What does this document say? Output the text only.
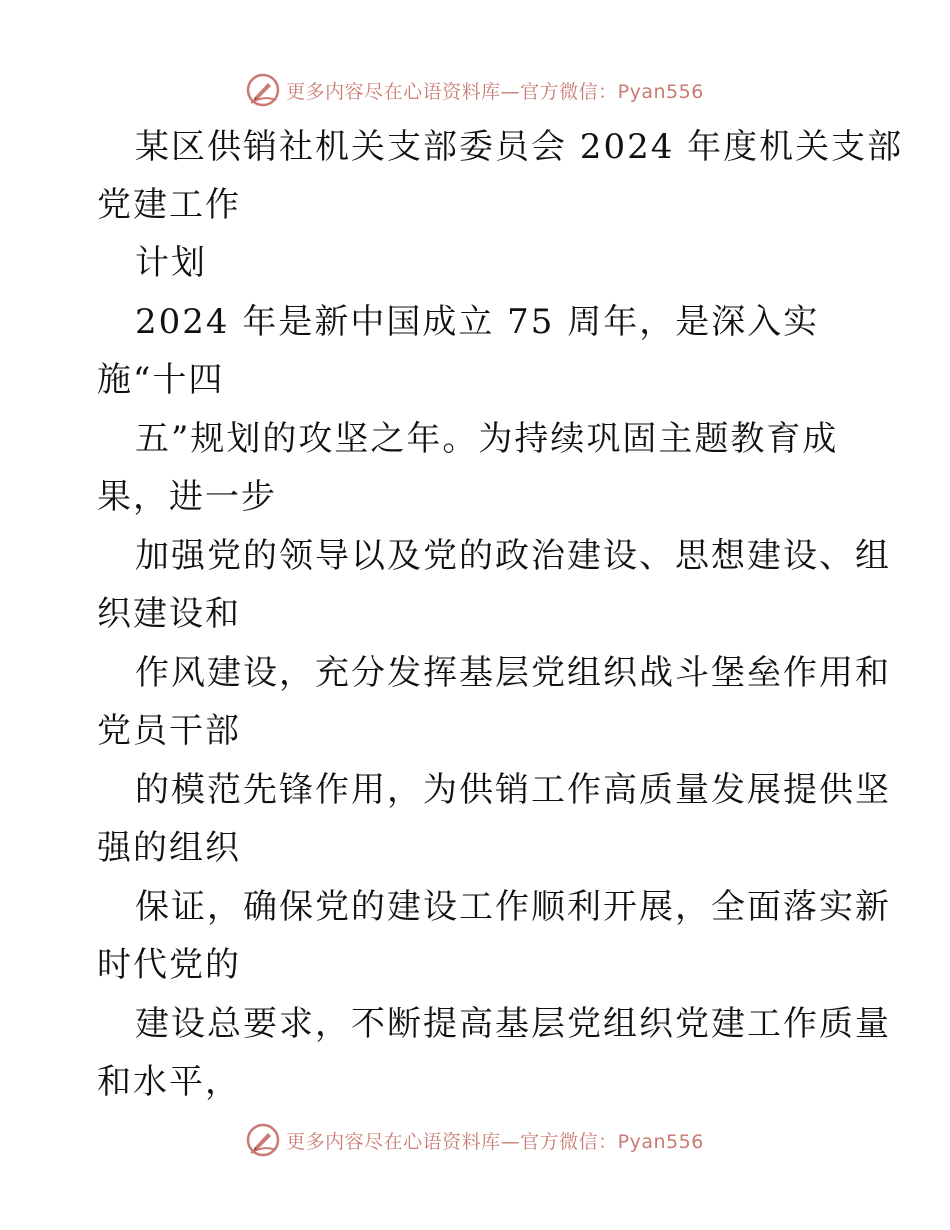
更多内容尽在心语资料库—官方微信：Pyan556
某区供销社机关支部委员会 2024 年度机关支部
党建工作
计划
2024 年是新中国成立 75 周年，是深入实
施“十四
五”规划的攻坚之年。为持续巩固主题教育成
果，进一步
加强党的领导以及党的政治建设、思想建设、组
织建设和
作风建设，充分发挥基层党组织战斗堡垒作用和
党员干部
的模范先锋作用，为供销工作高质量发展提供坚
强的组织
保证，确保党的建设工作顺利开展，全面落实新
时代党的
建设总要求，不断提高基层党组织党建工作质量
和水平，
更多内容尽在心语资料库—官方微信：Pyan556
